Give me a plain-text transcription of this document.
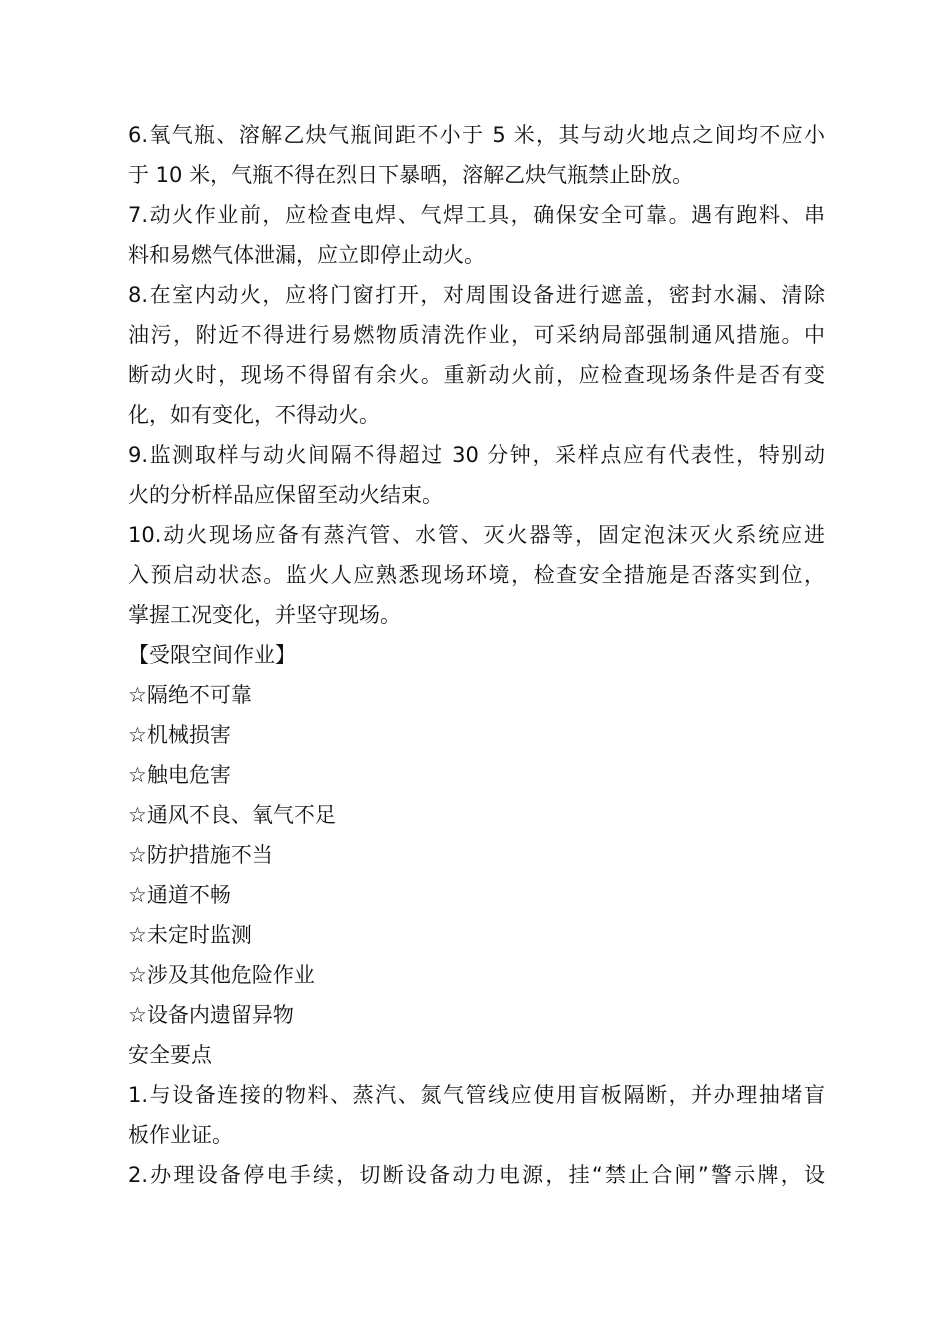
6.氧气瓶、溶解乙炔气瓶间距不小于 5 米，其与动火地点之间均不应小
于 10 米，气瓶不得在烈日下暴晒，溶解乙炔气瓶禁止卧放。
7.动火作业前，应检查电焊、气焊工具，确保安全可靠。遇有跑料、串
料和易燃气体泄漏，应立即停止动火。
8.在室内动火，应将门窗打开，对周围设备进行遮盖，密封水漏、清除
油污，附近不得进行易燃物质清洗作业，可采纳局部强制通风措施。中
断动火时，现场不得留有余火。重新动火前，应检查现场条件是否有变
化，如有变化，不得动火。
9.监测取样与动火间隔不得超过 30 分钟，采样点应有代表性，特别动
火的分析样品应保留至动火结束。
10.动火现场应备有蒸汽管、水管、灭火器等，固定泡沫灭火系统应进
入预启动状态。监火人应熟悉现场环境，检查安全措施是否落实到位，
掌握工况变化，并坚守现场。
【受限空间作业】
☆隔绝不可靠
☆机械损害
☆触电危害
☆通风不良、氧气不足
☆防护措施不当
☆通道不畅
☆未定时监测
☆涉及其他危险作业
☆设备内遗留异物
安全要点
1.与设备连接的物料、蒸汽、氮气管线应使用盲板隔断，并办理抽堵盲
板作业证。
2.办理设备停电手续，切断设备动力电源，挂“禁止合闸”警示牌，设
